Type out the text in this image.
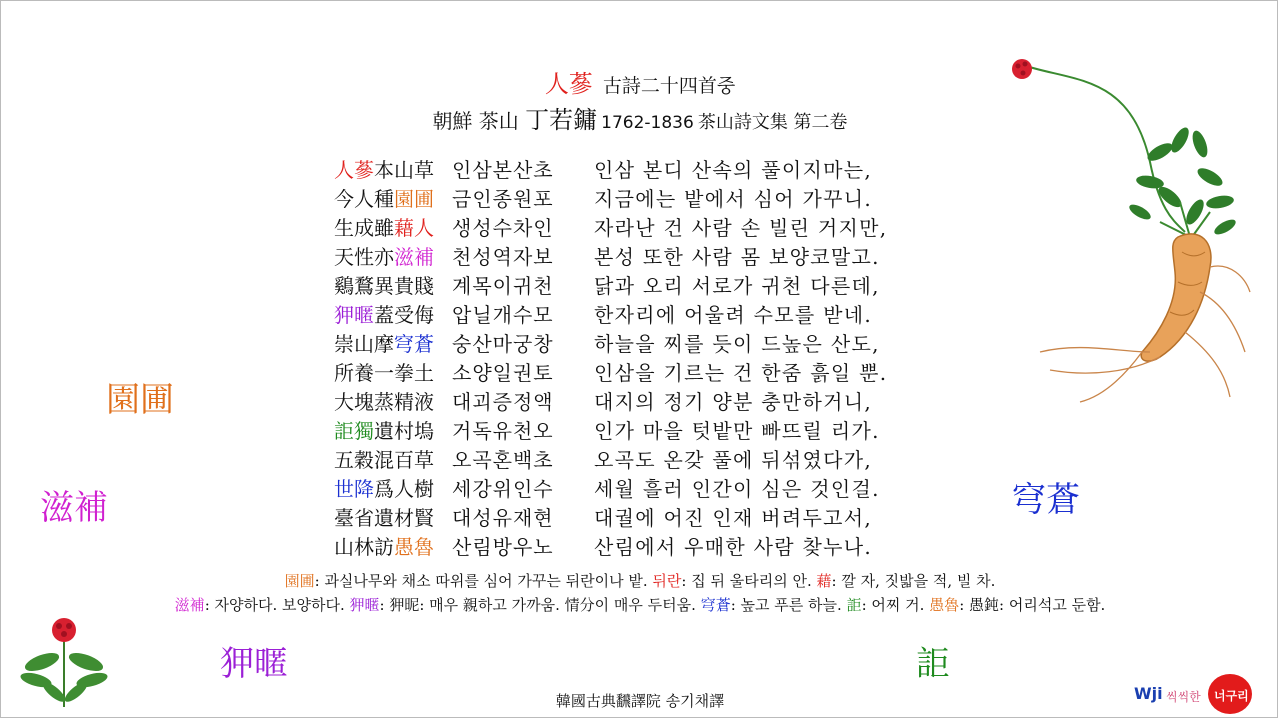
人蔘 古詩二十四首중
朝鮮 茶山 丁若鏞 1762-1836 茶山詩文集 第二卷
人蔘本山草 인삼본산초 인삼 본디 산속의 풀이지마는,
今人種園圃 금인종원포 지금에는 밭에서 심어 가꾸니.
生成雖藉人 생성수차인 자라난 건 사람 손 빌린 거지만,
天性亦滋補 천성역자보 본성 또한 사람 몸 보양코말고.
鷄鶩異貴賤 계목이귀천 닭과 오리 서로가 귀천 다른데,
狎暱蓋受侮 압닐개수모 한자리에 어울려 수모를 받네.
崇山摩穹蒼 숭산마궁창 하늘을 찌를 듯이 드높은 산도,
所養一拳土 소양일권토 인삼을 기르는 건 한줌 흙일 뿐.
大塊蒸精液 대괴증정액 대지의 정기 양분 충만하거니,
詎獨遺村塢 거독유천오 인가 마을 텃밭만 빠뜨릴 리가.
五穀混百草 오곡혼백초 오곡도 온갖 풀에 뒤섞였다가,
世降爲人樹 세강위인수 세월 흘러 인간이 심은 것인걸.
臺省遺材賢 대성유재현 대궐에 어진 인재 버려두고서,
山林訪愚魯 산림방우노 산림에서 우매한 사람 찾누나.
園圃: 과실나무와 채소 따위를 심어 가꾸는 뒤란이나 밭. 뒤란: 집 뒤 울타리의 안. 藉: 깔 자, 짓밟을 적, 빌 차.
滋補: 자양하다. 보양하다. 狎暱: 狎昵: 매우 親하고 가까움. 情分이 매우 두터움. 穹蒼: 높고 푸른 하늘. 詎: 어찌 거. 愚魯: 愚鈍: 어리석고 둔함.
園圃
滋補
狎暱
穹蒼
詎
韓國古典飜譯院 송기채譯	Wji 씩씩한 너구리
